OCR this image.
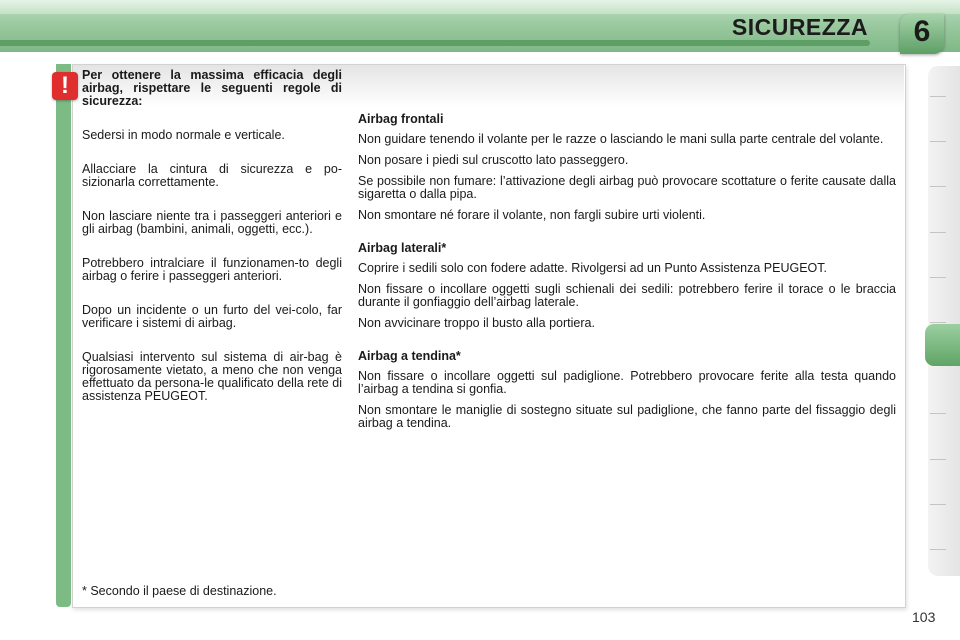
SICUREZZA	6
!	Per ottenere la massima efficacia degli airbag, rispettare le seguenti regole di sicurezza:

Sedersi in modo normale e verticale.

Allacciare la cintura di sicurezza e po-sizionarla correttamente.

Non lasciare niente tra i passeggeri anteriori e gli airbag (bambini, animali, oggetti, ecc.).

Potrebbero intralciare il funzionamen-to degli airbag o ferire i passeggeri anteriori.

Dopo un incidente o un furto del vei-colo, far verificare i sistemi di airbag.

Qualsiasi intervento sul sistema di air-bag è rigorosamente vietato, a meno che non venga effettuato da persona-le qualificato della rete di assistenza PEUGEOT.

Airbag frontali

Non guidare tenendo il volante per le razze o lasciando le mani sulla parte centrale del volante.

Non posare i piedi sul cruscotto lato passeggero.

Se possibile non fumare: l’attivazione degli airbag può provocare scottature o ferite causate dalla sigaretta o dalla pipa.

Non smontare né forare il volante, non fargli subire urti violenti.

Airbag laterali*

Coprire i sedili solo con fodere adatte. Rivolgersi ad un Punto Assistenza PEUGEOT.

Non fissare o incollare oggetti sugli schienali dei sedili: potrebbero ferire il torace o le braccia durante il gonfiaggio dell’airbag laterale.

Non avvicinare troppo il busto alla portiera.

Airbag a tendina*

Non fissare o incollare oggetti sul padiglione. Potrebbero provocare ferite alla testa quando l’airbag a tendina si gonfia.

Non smontare le maniglie di sostegno situate sul padiglione, che fanno parte del fissaggio degli airbag a tendina.

* Secondo il paese di destinazione.
103
